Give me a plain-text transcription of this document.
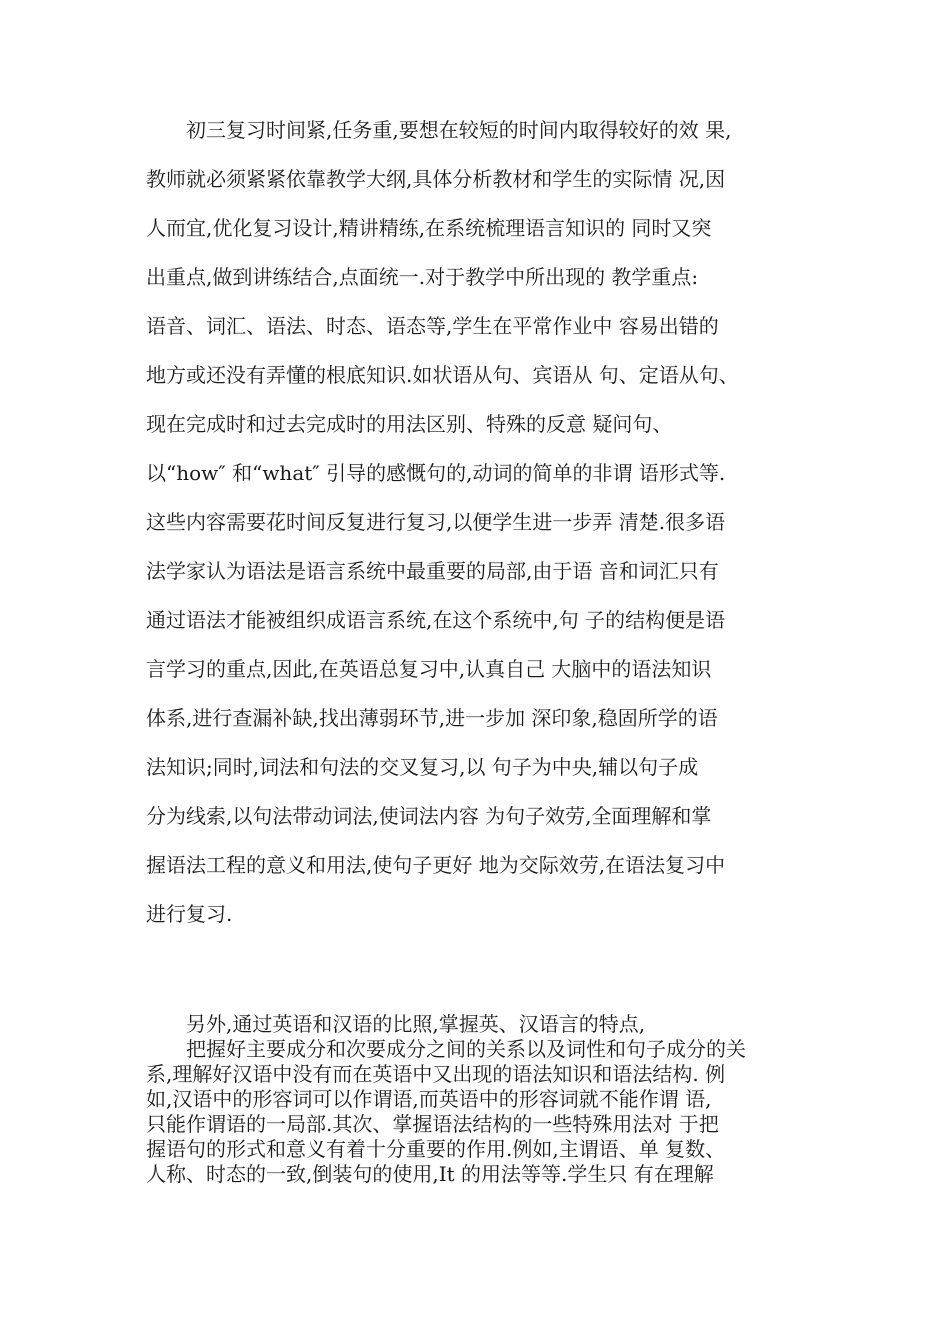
　　初三复习时间紧,任务重,要想在较短的时间内取得较好的效 果,
教师就必须紧紧依靠教学大纲,具体分析教材和学生的实际情 况,因
人而宜,优化复习设计,精讲精练,在系统梳理语言知识的 同时又突
出重点,做到讲练结合,点面统一.对于教学中所出现的 教学重点:
语音、词汇、语法、时态、语态等,学生在平常作业中 容易出错的
地方或还没有弄懂的根底知识.如状语从句、宾语从 句、定语从句、
现在完成时和过去完成时的用法区别、特殊的反意 疑问句、
以“how″ 和“what″ 引导的感慨句的,动词的简单的非谓 语形式等.
这些内容需要花时间反复进行复习,以便学生进一步弄 清楚.很多语
法学家认为语法是语言系统中最重要的局部,由于语 音和词汇只有
通过语法才能被组织成语言系统,在这个系统中,句 子的结构便是语
言学习的重点,因此,在英语总复习中,认真自己 大脑中的语法知识
体系,进行查漏补缺,找出薄弱环节,进一步加 深印象,稳固所学的语
法知识;同时,词法和句法的交叉复习,以 句子为中央,辅以句子成
分为线索,以句法带动词法,使词法内容 为句子效劳,全面理解和掌
握语法工程的意义和用法,使句子更好 地为交际效劳,在语法复习中
进行复习.
　　另外,通过英语和汉语的比照,掌握英、汉语言的特点,
　　把握好主要成分和次要成分之间的关系以及词性和句子成分的关
系,理解好汉语中没有而在英语中又出现的语法知识和语法结构. 例
如,汉语中的形容词可以作谓语,而英语中的形容词就不能作谓 语,
只能作谓语的一局部.其次、掌握语法结构的一些特殊用法对 于把
握语句的形式和意义有着十分重要的作用.例如,主谓语、单 复数、
人称、时态的一致,倒装句的使用,It 的用法等等.学生只 有在理解
